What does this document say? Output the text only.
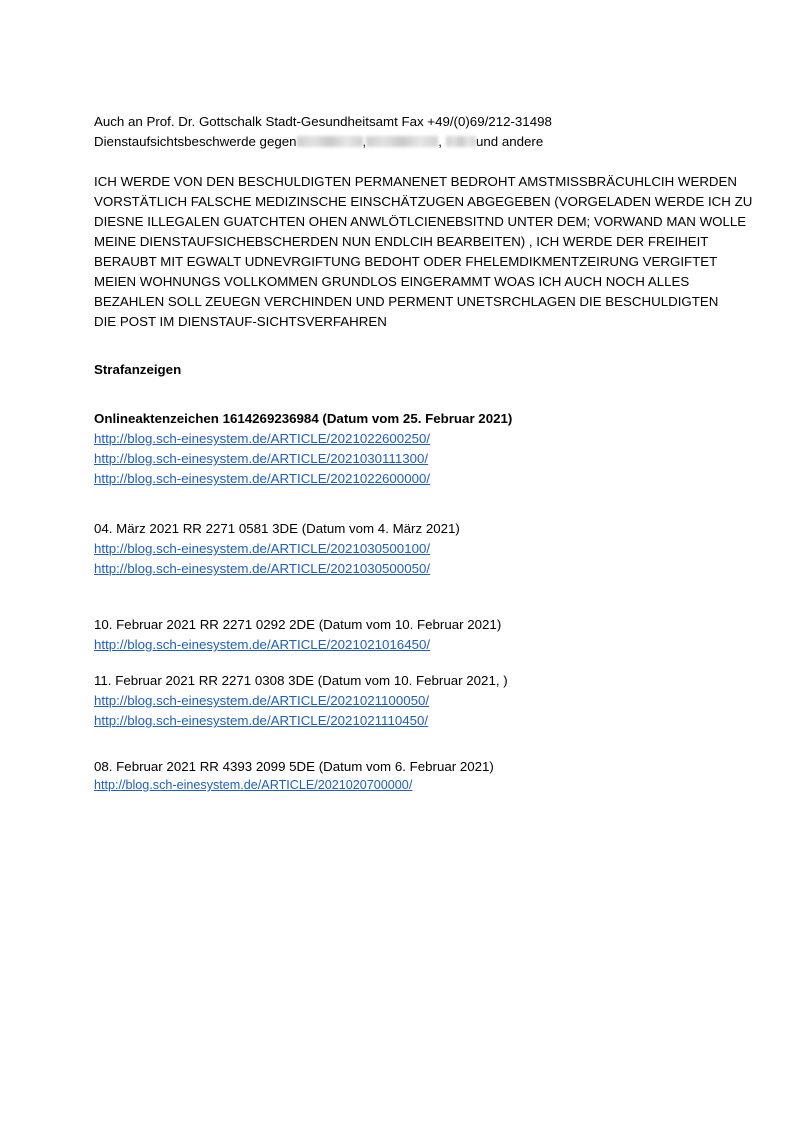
Auch an Prof. Dr. Gottschalk Stadt-Gesundheitsamt Fax +49/(0)69/212-31498
Dienstaufsichtsbeschwerde gegen	,	,	und andere
ICH WERDE VON DEN BESCHULDIGTEN PERMANENET BEDROHT AMSTMISSBRÄCUHLCIH WERDEN
VORSTÄTLICH FALSCHE MEDIZINSCHE EINSCHÄTZUGEN ABGEGEBEN (VORGELADEN WERDE ICH ZU
DIESNE ILLEGALEN GUATCHTEN OHEN ANWLÖTLCIENEBSITND UNTER DEM; VORWAND MAN WOLLE
MEINE DIENSTAUFSICHEBSCHERDEN NUN ENDLCIH BEARBEITEN) , ICH WERDE DER FREIHEIT
BERAUBT MIT EGWALT UDNEVRGIFTUNG BEDOHT ODER FHELEMDIKMENTZEIRUNG VERGIFTET
MEIEN WOHNUNGS VOLLKOMMEN GRUNDLOS EINGERAMMT WOAS ICH AUCH NOCH ALLES
BEZAHLEN SOLL ZEUEGN VERCHINDEN UND PERMENT UNETSRCHLAGEN DIE BESCHULDIGTEN
DIE POST IM DIENSTAUF-SICHTSVERFAHREN
Strafanzeigen
Onlineaktenzeichen 1614269236984 (Datum vom 25. Februar 2021)
http://blog.sch-einesystem.de/ARTICLE/2021022600250/
http://blog.sch-einesystem.de/ARTICLE/2021030111300/
http://blog.sch-einesystem.de/ARTICLE/2021022600000/
04. März 2021 RR 2271 0581 3DE (Datum vom 4. März 2021)
http://blog.sch-einesystem.de/ARTICLE/2021030500100/
http://blog.sch-einesystem.de/ARTICLE/2021030500050/
10. Februar 2021 RR 2271 0292 2DE (Datum vom 10. Februar 2021)
http://blog.sch-einesystem.de/ARTICLE/2021021016450/
11. Februar 2021 RR 2271 0308 3DE (Datum vom 10. Februar 2021, )
http://blog.sch-einesystem.de/ARTICLE/2021021100050/
http://blog.sch-einesystem.de/ARTICLE/2021021110450/
08. Februar 2021 RR 4393 2099 5DE (Datum vom 6. Februar 2021)
http://blog.sch-einesystem.de/ARTICLE/2021020700000/
